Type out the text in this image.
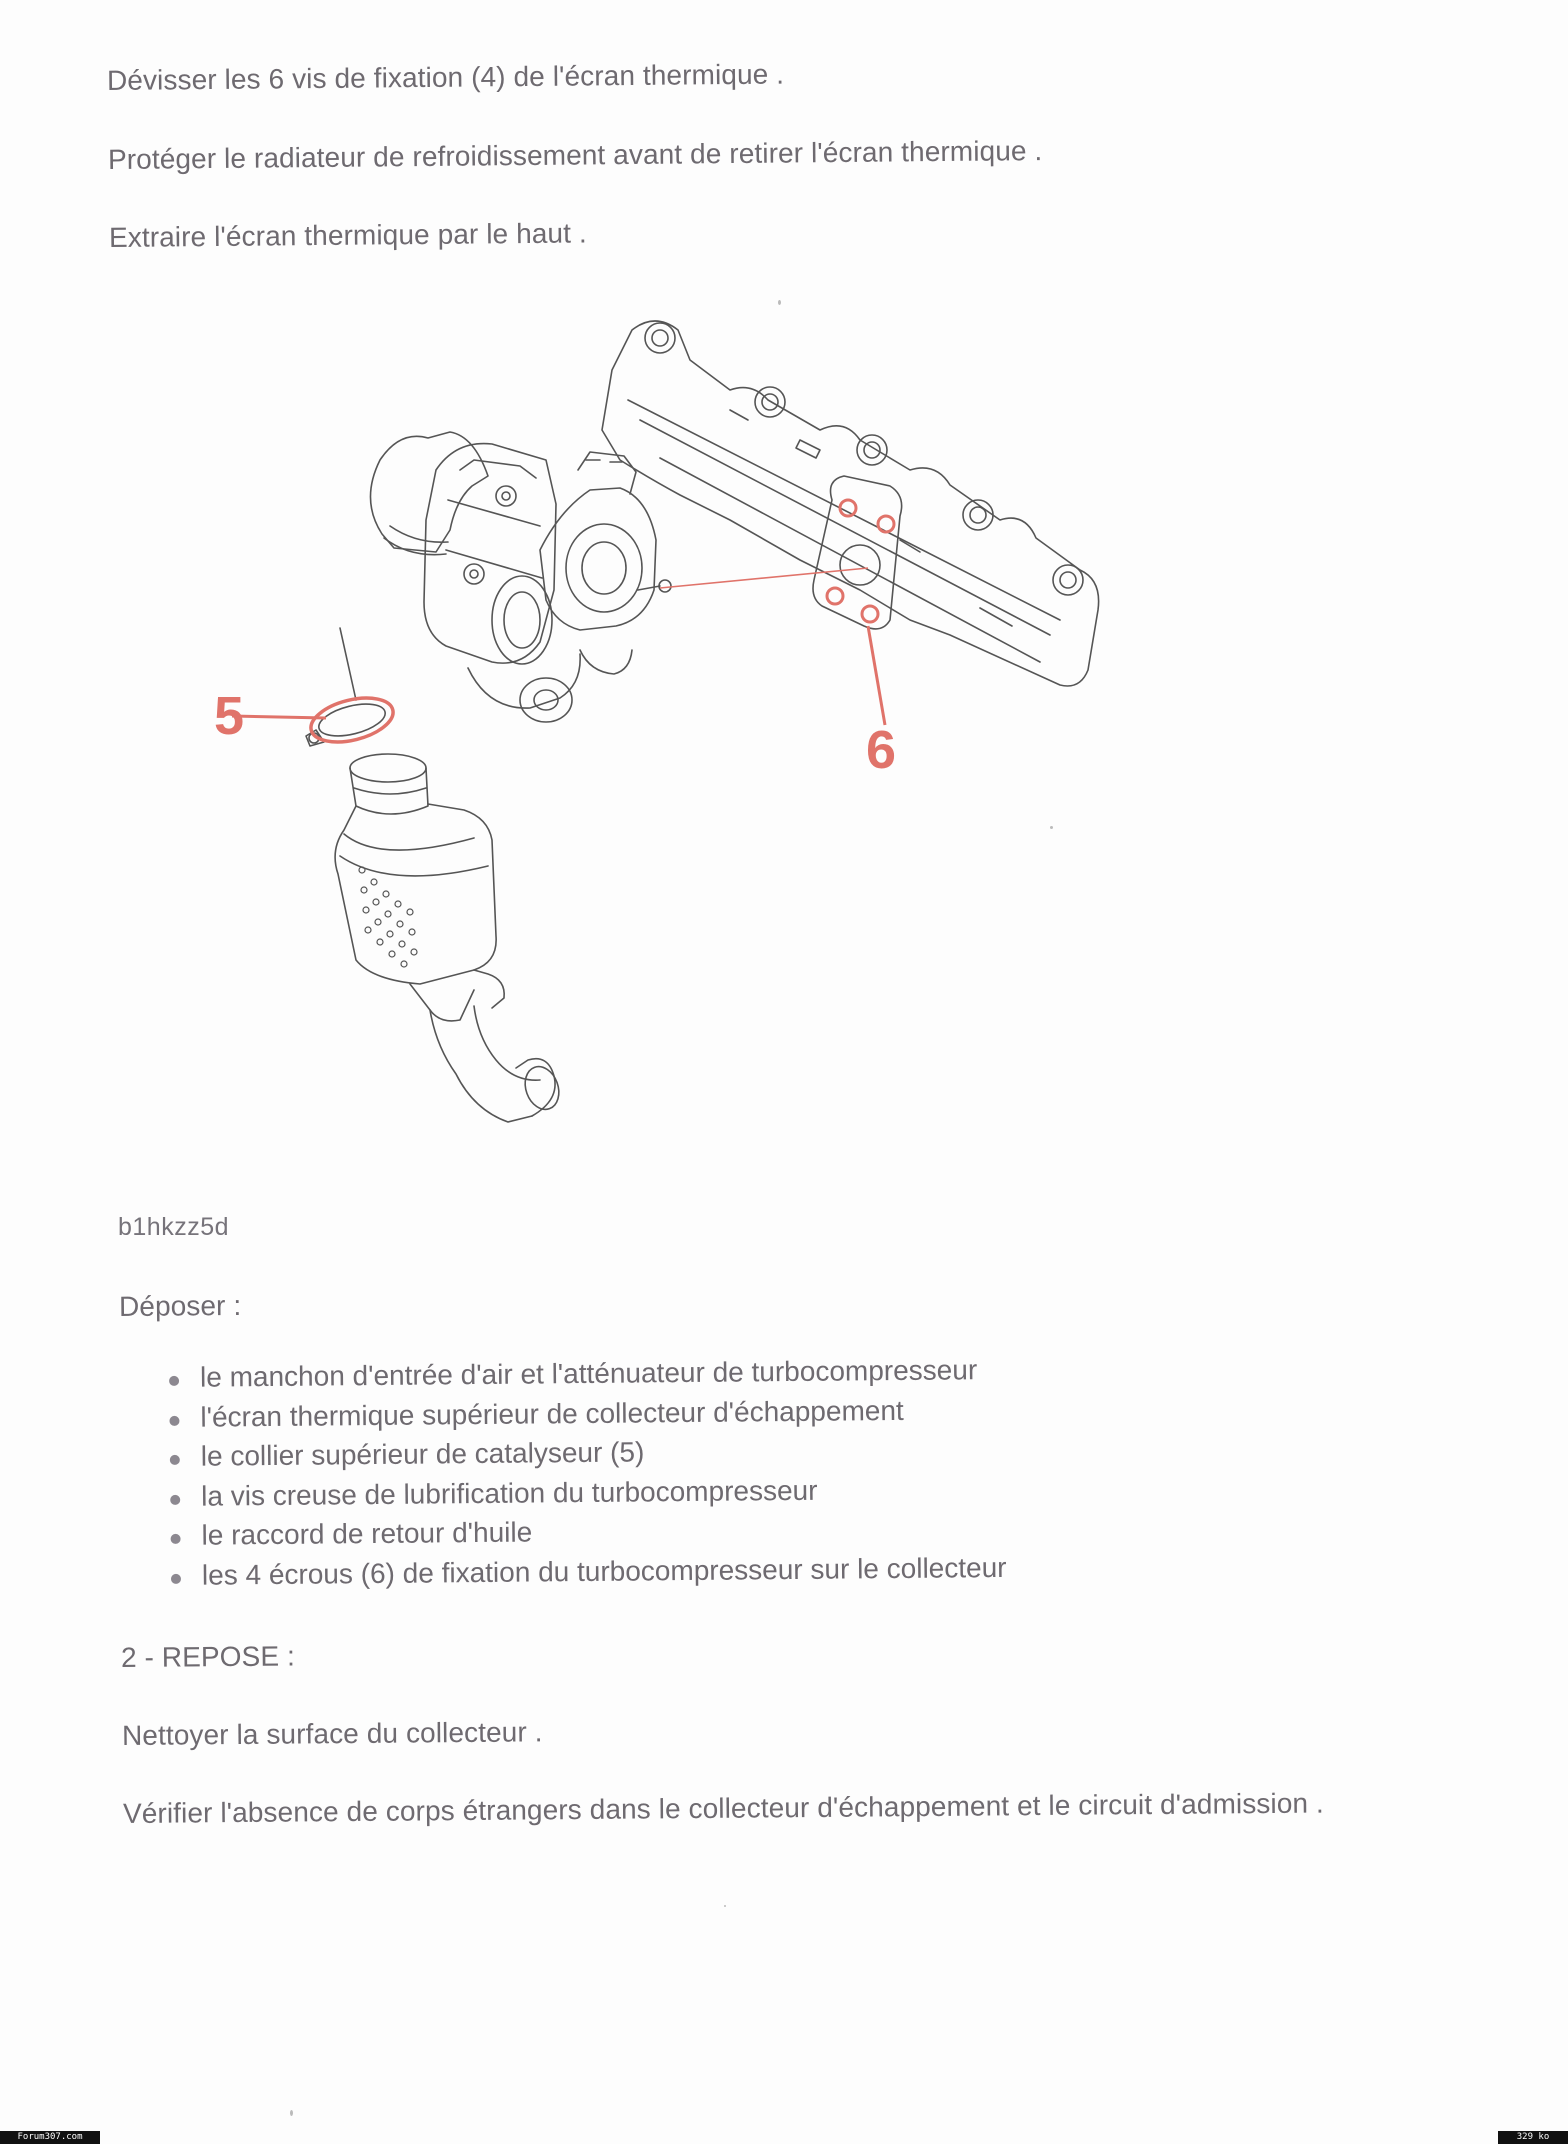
Dévisser les 6 vis de fixation (4) de l'écran thermique .
Protéger le radiateur de refroidissement avant de retirer l'écran thermique .
Extraire l'écran thermique par le haut .
5
6
b1hkzz5d
Déposer :
le manchon d'entrée d'air et l'atténuateur de turbocompresseur
l'écran thermique supérieur de collecteur d'échappement
le collier supérieur de catalyseur (5)
la vis creuse de lubrification du turbocompresseur
le raccord de retour d'huile
les 4 écrous (6) de fixation du turbocompresseur sur le collecteur
2 - REPOSE :
Nettoyer la surface du collecteur .
Vérifier l'absence de corps étrangers dans le collecteur d'échappement et le circuit d'admission .
Forum307.com	329 ko
